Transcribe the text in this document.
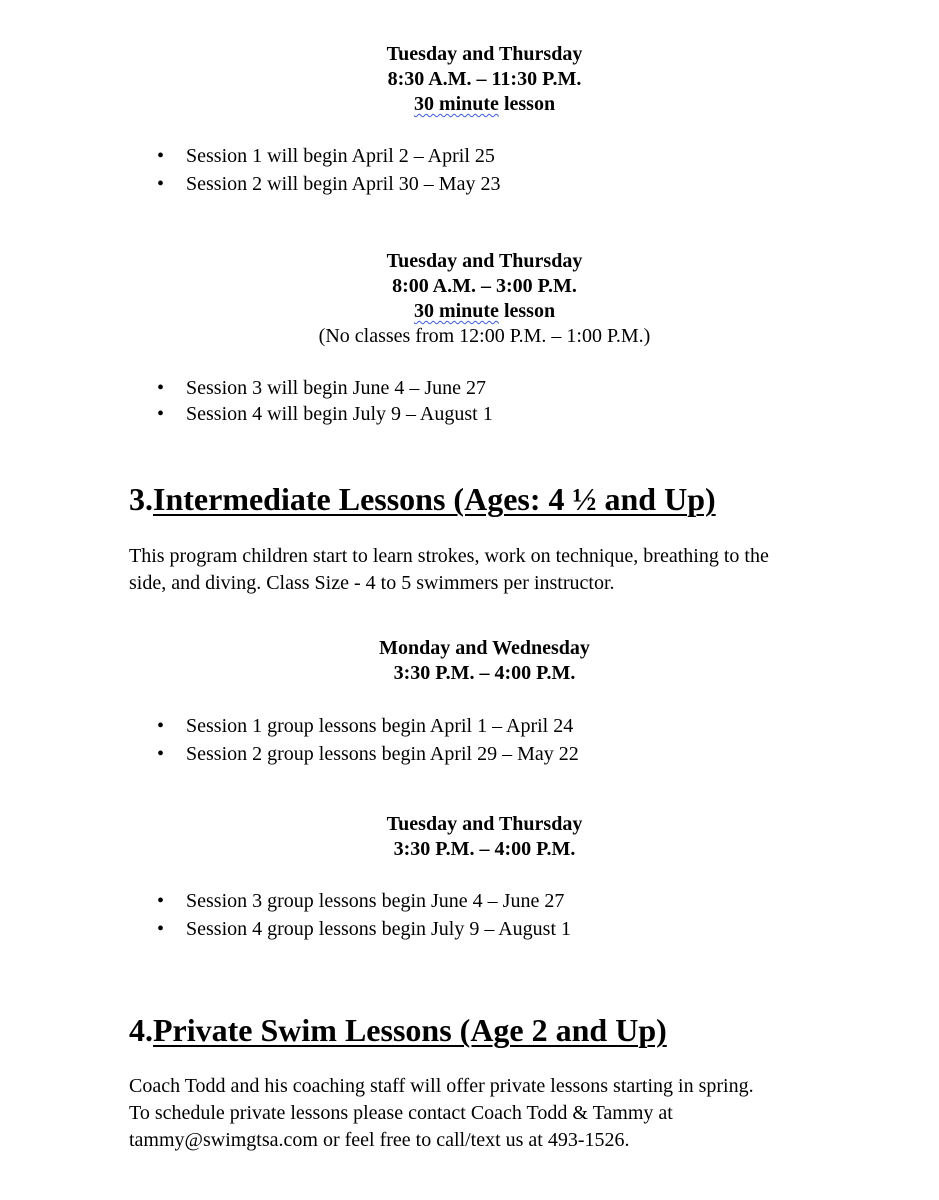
Tuesday and Thursday
8:30 A.M. – 11:30 P.M.
30 minute lesson
• Session 1 will begin April 2 – April 25
• Session 2 will begin April 30 – May 23
Tuesday and Thursday
8:00 A.M. – 3:00 P.M.
30 minute lesson
(No classes from 12:00 P.M. – 1:00 P.M.)
• Session 3 will begin June 4 – June 27
• Session 4 will begin July 9 – August 1
3.Intermediate Lessons (Ages: 4 ½ and Up)
This program children start to learn strokes, work on technique, breathing to the
side, and diving. Class Size - 4 to 5 swimmers per instructor.
Monday and Wednesday
3:30 P.M. – 4:00 P.M.
• Session 1 group lessons begin April 1 – April 24
• Session 2 group lessons begin April 29 – May 22
Tuesday and Thursday
3:30 P.M. – 4:00 P.M.
• Session 3 group lessons begin June 4 – June 27
• Session 4 group lessons begin July 9 – August 1
4.Private Swim Lessons (Age 2 and Up)
Coach Todd and his coaching staff will offer private lessons starting in spring.
To schedule private lessons please contact Coach Todd & Tammy at
tammy@swimgtsa.com or feel free to call/text us at 493-1526.
